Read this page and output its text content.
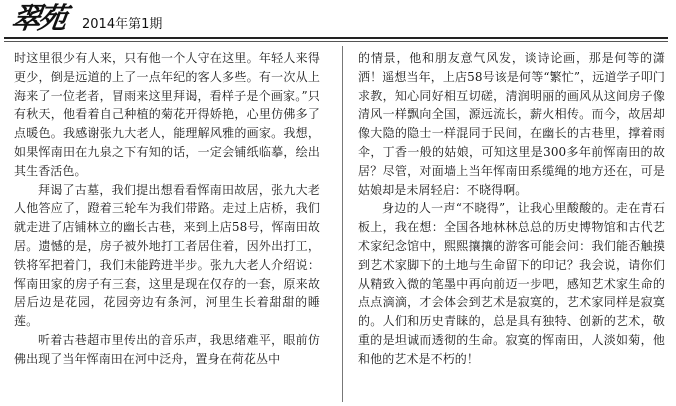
翠苑 2014年第1期

时这里很少有人来，只有他一个人守在这里。年轻人来得更少，倒是远道的上了一点年纪的客人多些。有一次从上海来了一位老者，冒雨来这里拜谒，看样子是个画家。”只有秋天，他看着自己种植的菊花开得娇艳，心里仿佛多了点暖色。我感谢张九大老人，能理解风雅的画家。我想，如果恽南田在九泉之下有知的话，一定会铺纸临摹，绘出其生香活色。

拜谒了古墓，我们提出想看看恽南田故居，张九大老人他答应了，蹬着三轮车为我们带路。走过上店桥，我们就走进了店铺林立的幽长古巷，来到上店58号，恽南田故居。遗憾的是，房子被外地打工者居住着，因外出打工，铁将军把着门，我们未能跨进半步。张九大老人介绍说：恽南田家的房子有三套，这里是现在仅存的一套，原来故居后边是花园，花园旁边有条河，河里生长着甜甜的睡莲。

听着古巷超市里传出的音乐声，我思绪难平，眼前仿佛出现了当年恽南田在河中泛舟，置身在荷花丛中

的情景，他和朋友意气风发，谈诗论画，那是何等的潇洒！遥想当年，上店58号该是何等“繁忙”，远道学子叩门求教，知心同好相互切磋，清润明丽的画风从这间房子像清风一样飘向全国，源远流长，薪火相传。而今，故居却像大隐的隐士一样混同于民间，在幽长的古巷里，撑着雨伞，丁香一般的姑娘，可知这里是300多年前恽南田的故居？尽管，对面墙上当年恽南田系缆绳的地方还在，可是姑娘却是未屑轻启：不晓得啊。

身边的人一声“不晓得”，让我心里酸酸的。走在青石板上，我在想：全国各地林林总总的历史博物馆和古代艺术家纪念馆中，熙熙攘攘的游客可能会问：我们能否触摸到艺术家脚下的土地与生命留下的印记？我会说，请你们从精致入微的笔墨中再向前迈一步吧，感知艺术家生命的点点滴滴，才会体会到艺术是寂寞的，艺术家同样是寂寞的。人们和历史青睐的，总是具有独特、创新的艺术，敬重的是坦诚而透彻的生命。寂寞的恽南田，人淡如菊，他和他的艺术是不朽的！
